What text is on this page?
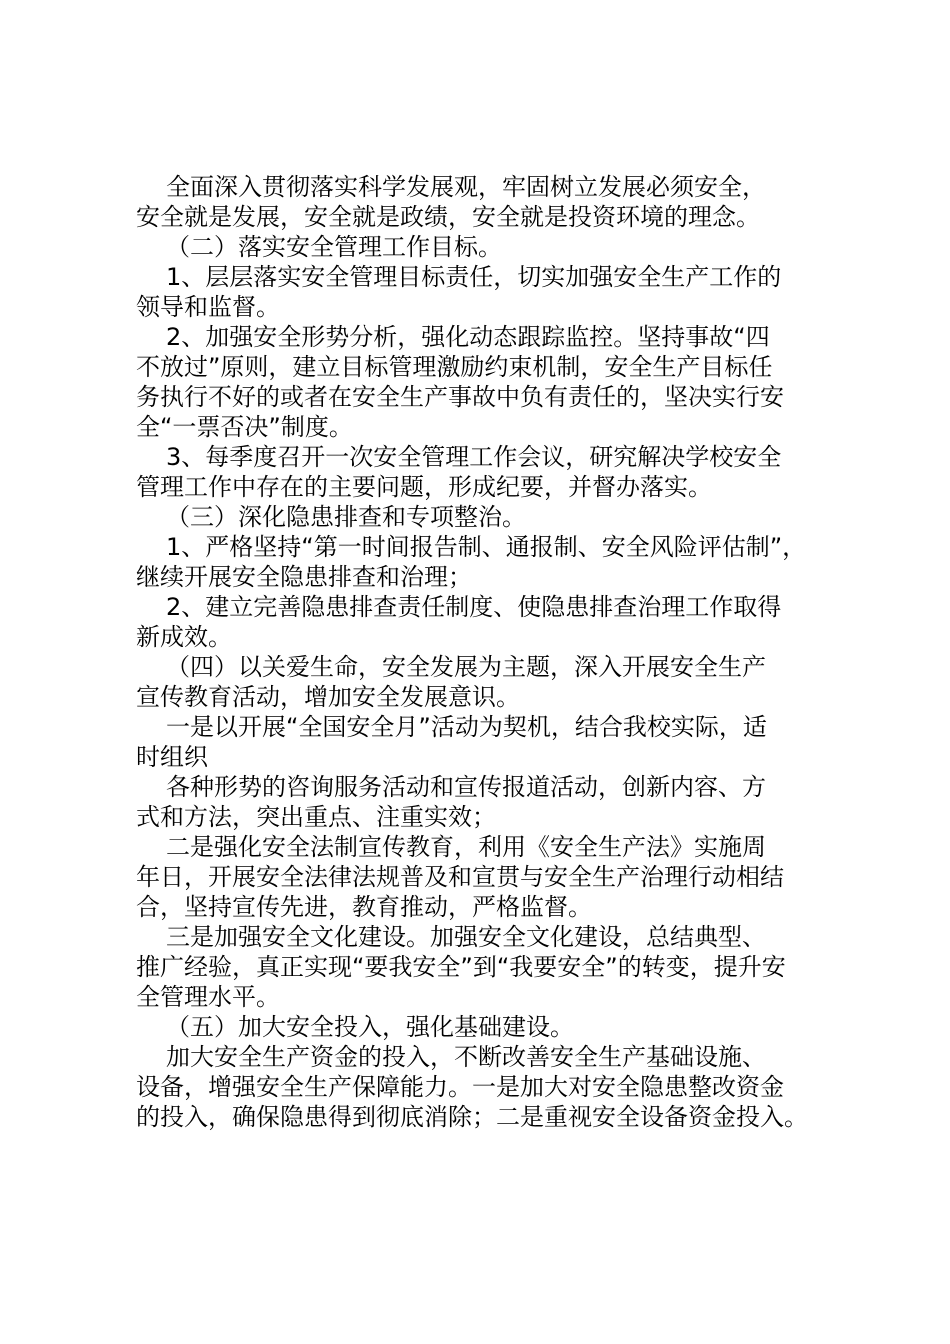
全面深入贯彻落实科学发展观，牢固树立发展必须安全，
安全就是发展，安全就是政绩，安全就是投资环境的理念。
（二）落实安全管理工作目标。
1、层层落实安全管理目标责任，切实加强安全生产工作的
领导和监督。
2、加强安全形势分析，强化动态跟踪监控。坚持事故“四
不放过”原则，建立目标管理激励约束机制，安全生产目标任
务执行不好的或者在安全生产事故中负有责任的，坚决实行安
全“一票否决”制度。
3、每季度召开一次安全管理工作会议，研究解决学校安全
管理工作中存在的主要问题，形成纪要，并督办落实。
（三）深化隐患排查和专项整治。
1、严格坚持“第一时间报告制、通报制、安全风险评估制”，
继续开展安全隐患排查和治理；
2、建立完善隐患排查责任制度、使隐患排查治理工作取得
新成效。
（四）以关爱生命，安全发展为主题，深入开展安全生产
宣传教育活动，增加安全发展意识。
一是以开展“全国安全月”活动为契机，结合我校实际，适
时组织
各种形势的咨询服务活动和宣传报道活动，创新内容、方
式和方法，突出重点、注重实效；
二是强化安全法制宣传教育，利用《安全生产法》实施周
年日，开展安全法律法规普及和宣贯与安全生产治理行动相结
合，坚持宣传先进，教育推动，严格监督。
三是加强安全文化建设。加强安全文化建设，总结典型、
推广经验，真正实现“要我安全”到“我要安全”的转变，提升安
全管理水平。
（五）加大安全投入，强化基础建设。
加大安全生产资金的投入，不断改善安全生产基础设施、
设备，增强安全生产保障能力。一是加大对安全隐患整改资金
的投入，确保隐患得到彻底消除；二是重视安全设备资金投入。
